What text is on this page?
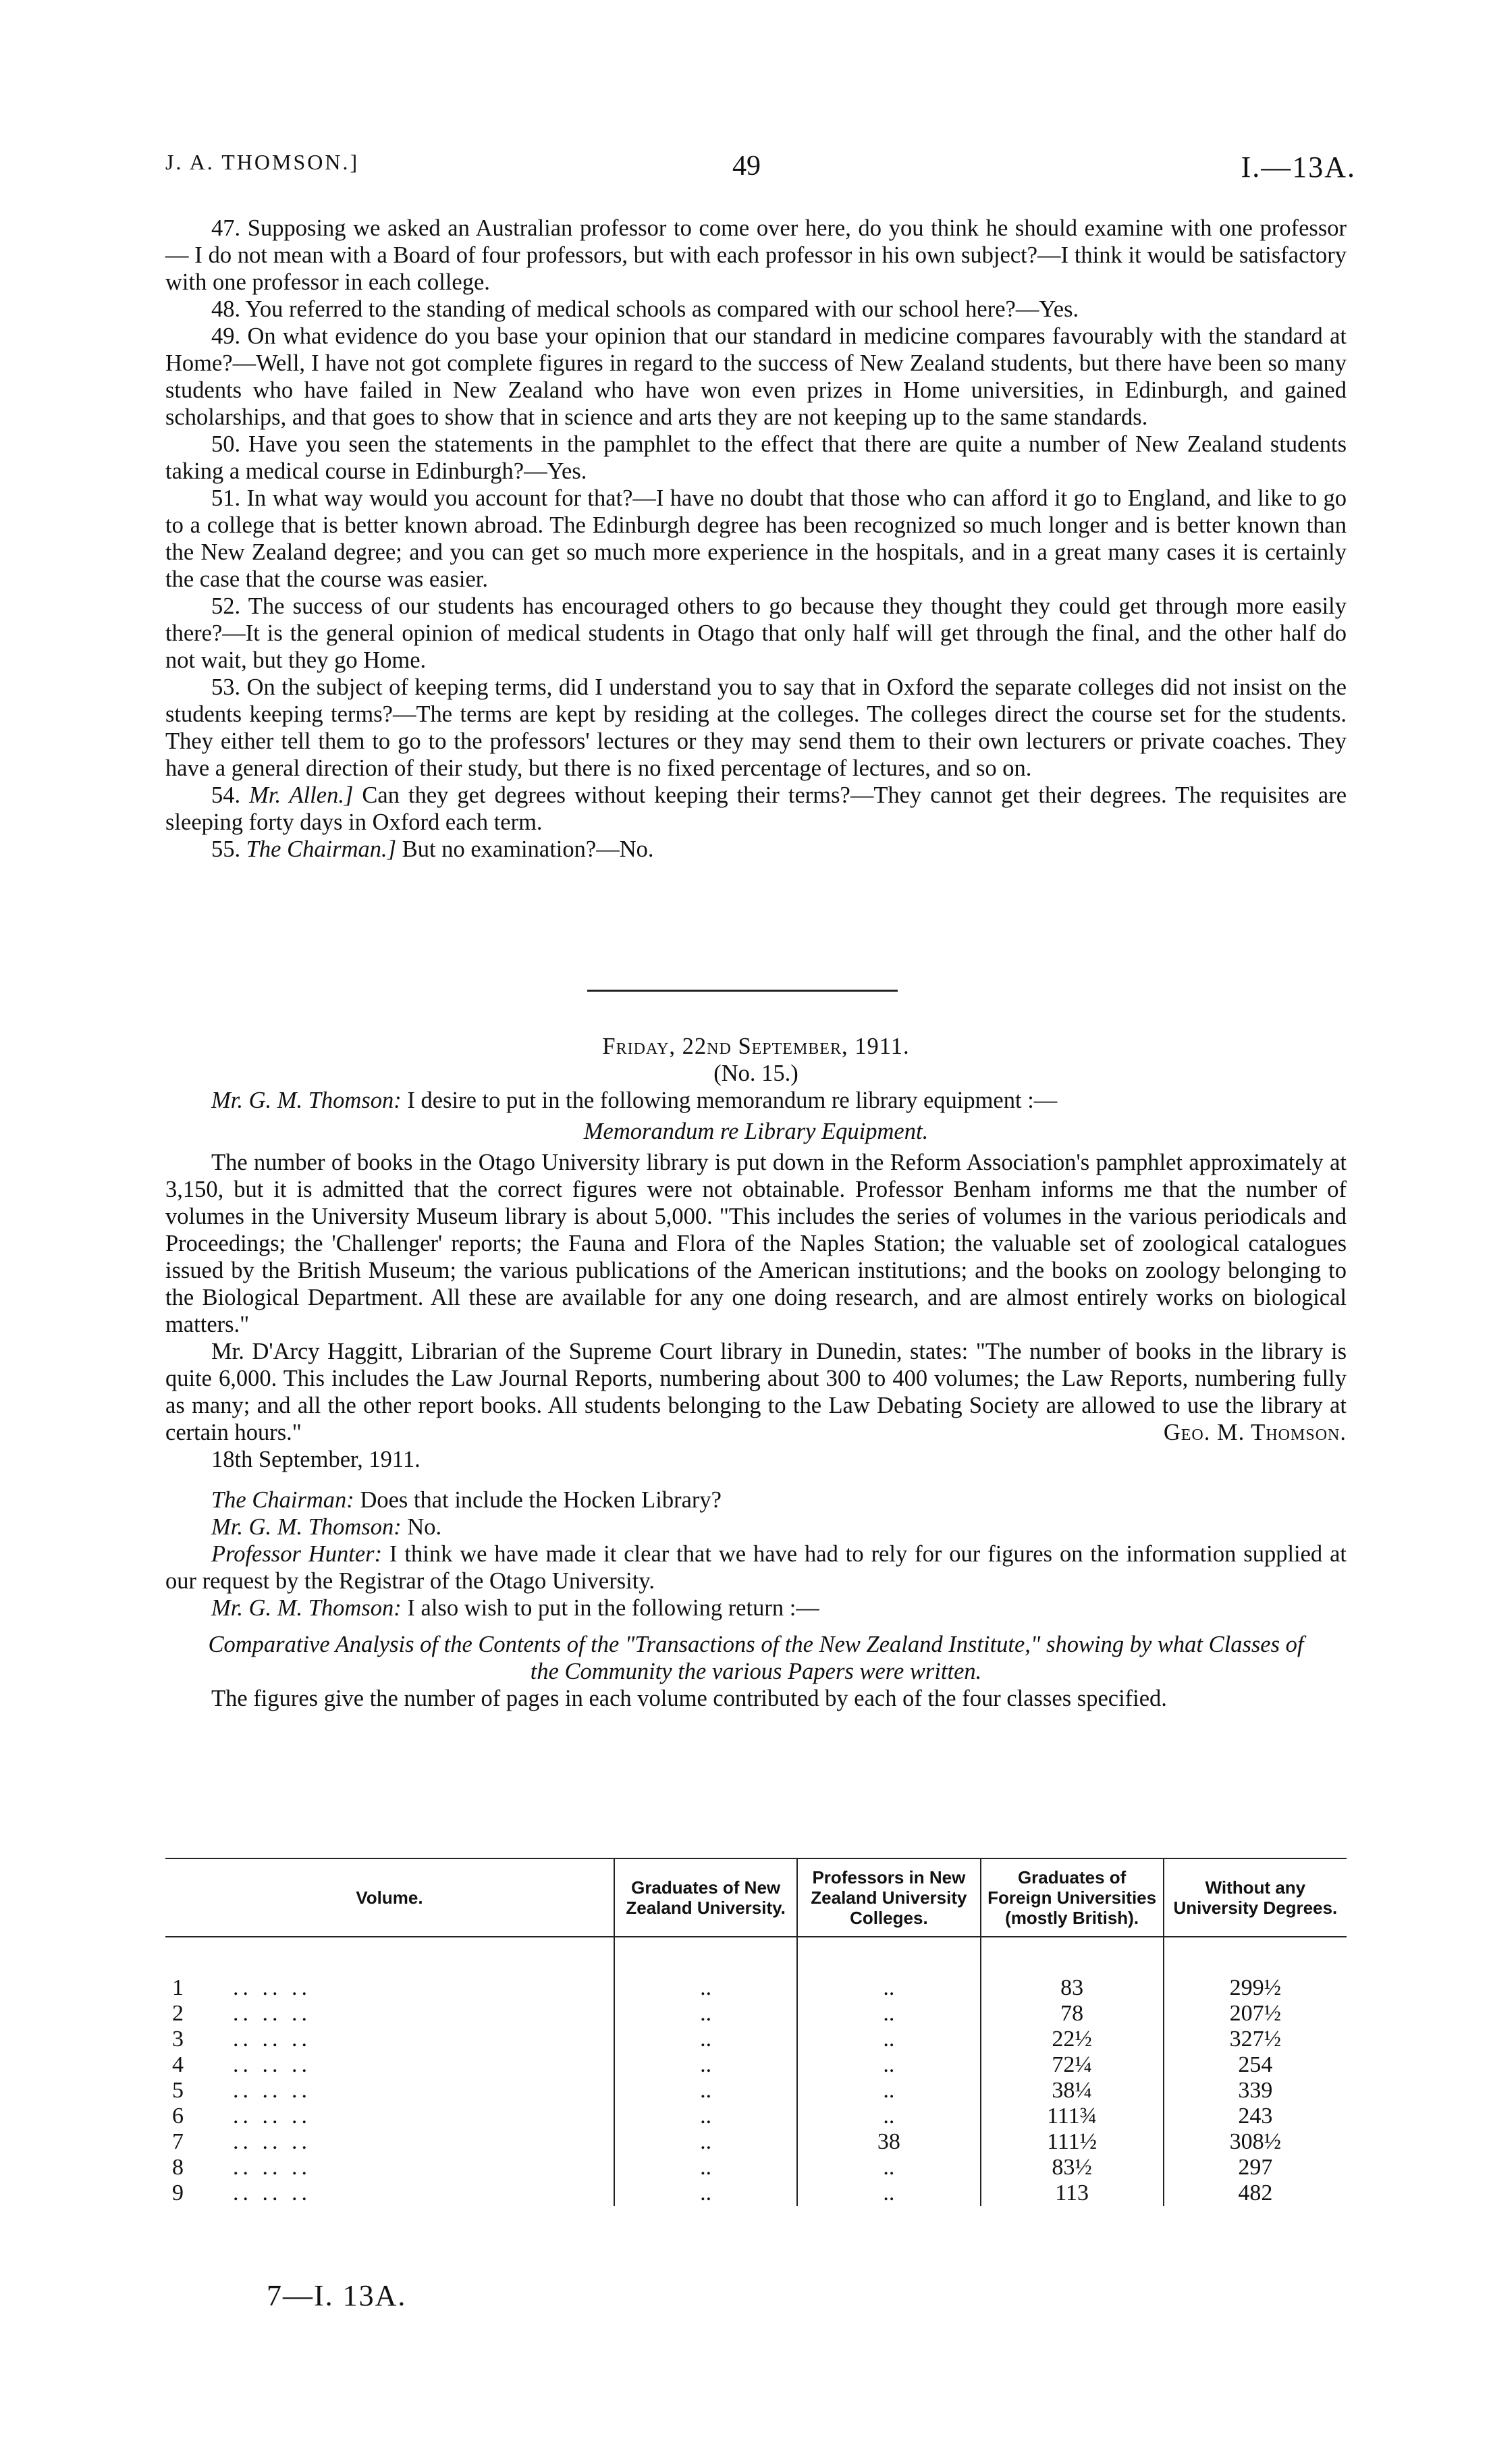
J. A. THOMSON.]	49	I.—13A.

47. Supposing we asked an Australian professor to come over here, do you think he should examine with one professor — I do not mean with a Board of four professors, but with each professor in his own subject?—I think it would be satisfactory with one professor in each college.

48. You referred to the standing of medical schools as compared with our school here?—Yes.

49. On what evidence do you base your opinion that our standard in medicine compares favourably with the standard at Home?—Well, I have not got complete figures in regard to the success of New Zealand students, but there have been so many students who have failed in New Zealand who have won even prizes in Home universities, in Edinburgh, and gained scholarships, and that goes to show that in science and arts they are not keeping up to the same standards.

50. Have you seen the statements in the pamphlet to the effect that there are quite a number of New Zealand students taking a medical course in Edinburgh?—Yes.

51. In what way would you account for that?—I have no doubt that those who can afford it go to England, and like to go to a college that is better known abroad. The Edinburgh degree has been recognized so much longer and is better known than the New Zealand degree; and you can get so much more experience in the hospitals, and in a great many cases it is certainly the case that the course was easier.

52. The success of our students has encouraged others to go because they thought they could get through more easily there?—It is the general opinion of medical students in Otago that only half will get through the final, and the other half do not wait, but they go Home.

53. On the subject of keeping terms, did I understand you to say that in Oxford the separate colleges did not insist on the students keeping terms?—The terms are kept by residing at the colleges. The colleges direct the course set for the students. They either tell them to go to the professors' lectures or they may send them to their own lecturers or private coaches. They have a general direction of their study, but there is no fixed percentage of lectures, and so on.

54. Mr. Allen.] Can they get degrees without keeping their terms?—They cannot get their degrees. The requisites are sleeping forty days in Oxford each term.

55. The Chairman.] But no examination?—No.

Friday, 22nd September, 1911.

(No. 15.)

Mr. G. M. Thomson: I desire to put in the following memorandum re library equipment :—

Memorandum re Library Equipment.

The number of books in the Otago University library is put down in the Reform Association's pamphlet approximately at 3,150, but it is admitted that the correct figures were not obtainable. Professor Benham informs me that the number of volumes in the University Museum library is about 5,000. "This includes the series of volumes in the various periodicals and Proceedings; the 'Challenger' reports; the Fauna and Flora of the Naples Station; the valuable set of zoological catalogues issued by the British Museum; the various publications of the American institutions; and the books on zoology belonging to the Biological Department. All these are available for any one doing research, and are almost entirely works on biological matters."

Mr. D'Arcy Haggitt, Librarian of the Supreme Court library in Dunedin, states: "The number of books in the library is quite 6,000. This includes the Law Journal Reports, numbering about 300 to 400 volumes; the Law Reports, numbering fully as many; and all the other report books. All students belonging to the Law Debating Society are allowed to use the library at certain hours."	Geo. M. Thomson.

18th September, 1911.

The Chairman: Does that include the Hocken Library?

Mr. G. M. Thomson: No.

Professor Hunter: I think we have made it clear that we have had to rely for our figures on the information supplied at our request by the Registrar of the Otago University.

Mr. G. M. Thomson: I also wish to put in the following return :—

Comparative Analysis of the Contents of the "Transactions of the New Zealand Institute," showing by what Classes of the Community the various Papers were written.

The figures give the number of pages in each volume contributed by each of the four classes specified.

Volume.	Graduates of New Zealand University.	Professors in New Zealand University Colleges.	Graduates of Foreign Universities (mostly British).	Without any University Degrees.

1 .. .. ..	..	..	83	299½
2 .. .. ..	..	..	78	207½
3 .. .. ..	..	..	22½	327½
4 .. .. ..	..	..	72¼	254
5 .. .. ..	..	..	38¼	339
6 .. .. ..	..	..	111¾	243
7 .. .. ..	..	38	111½	308½
8 .. .. ..	..	..	83½	297
9 .. .. ..	..	..	113	482
7—I. 13A.
